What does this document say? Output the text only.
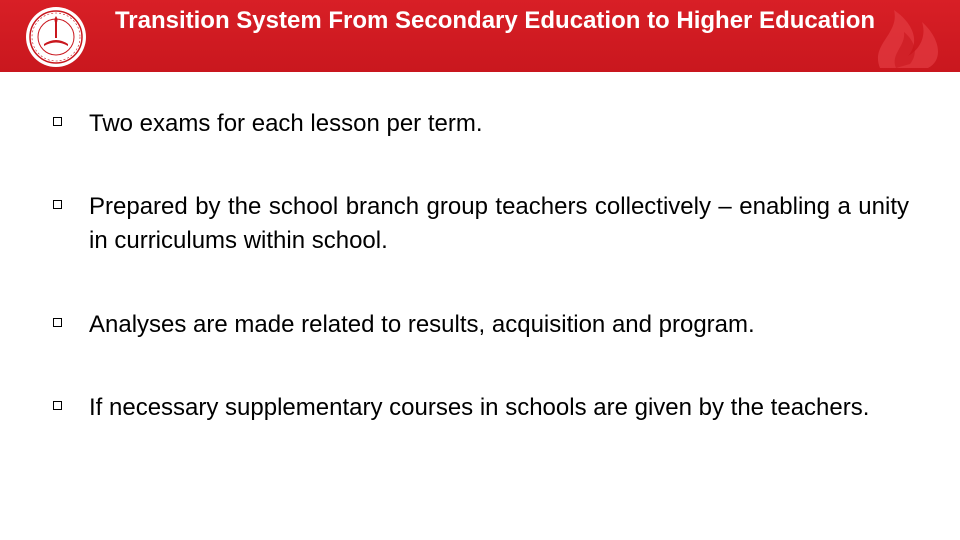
Transition System From Secondary Education to Higher Education
Two exams for each lesson per term.
Prepared by the school branch group teachers collectively – enabling a unity in curriculums within school.
Analyses are made related to results, acquisition and program.
If necessary supplementary courses in schools are given by the teachers.
